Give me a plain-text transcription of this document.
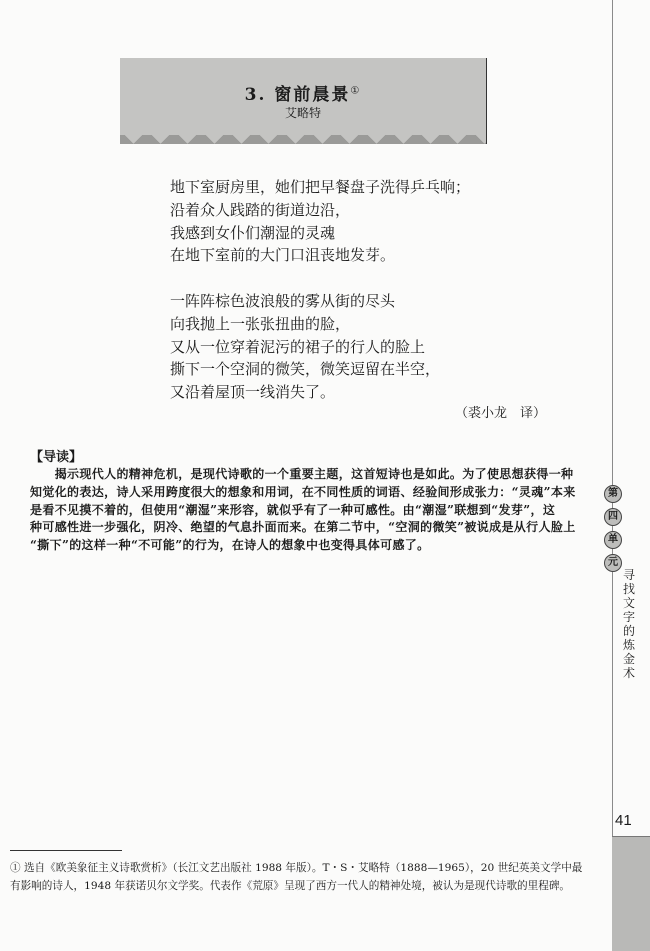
3. 窗前晨景①
艾略特
地下室厨房里，她们把早餐盘子洗得乒乓响；
沿着众人践踏的街道边沿，
我感到女仆们潮湿的灵魂
在地下室前的大门口沮丧地发芽。
一阵阵棕色波浪般的雾从街的尽头
向我抛上一张张扭曲的脸，
又从一位穿着泥污的裙子的行人的脸上
撕下一个空洞的微笑，微笑逗留在半空，
又沿着屋顶一线消失了。
（裘小龙　译）
【导读】
　　揭示现代人的精神危机，是现代诗歌的一个重要主题，这首短诗也是如此。为了使思想获得一种
知觉化的表达，诗人采用跨度很大的想象和用词，在不同性质的词语、经验间形成张力：“灵魂”本来
是看不见摸不着的，但使用“潮湿”来形容，就似乎有了一种可感性。由“潮湿”联想到“发芽”，这
种可感性进一步强化，阴冷、绝望的气息扑面而来。在第二节中，“空洞的微笑”被说成是从行人脸上
“撕下”的这样一种“不可能”的行为，在诗人的想象中也变得具体可感了。
第
四
单
元
寻找文字的炼金术
41
① 选自《欧美象征主义诗歌赏析》（长江文艺出版社 1988 年版）。T・S・艾略特（1888—1965），20 世纪英美文学中最
有影响的诗人，1948 年获诺贝尔文学奖。代表作《荒原》呈现了西方一代人的精神处境，被认为是现代诗歌的里程碑。
